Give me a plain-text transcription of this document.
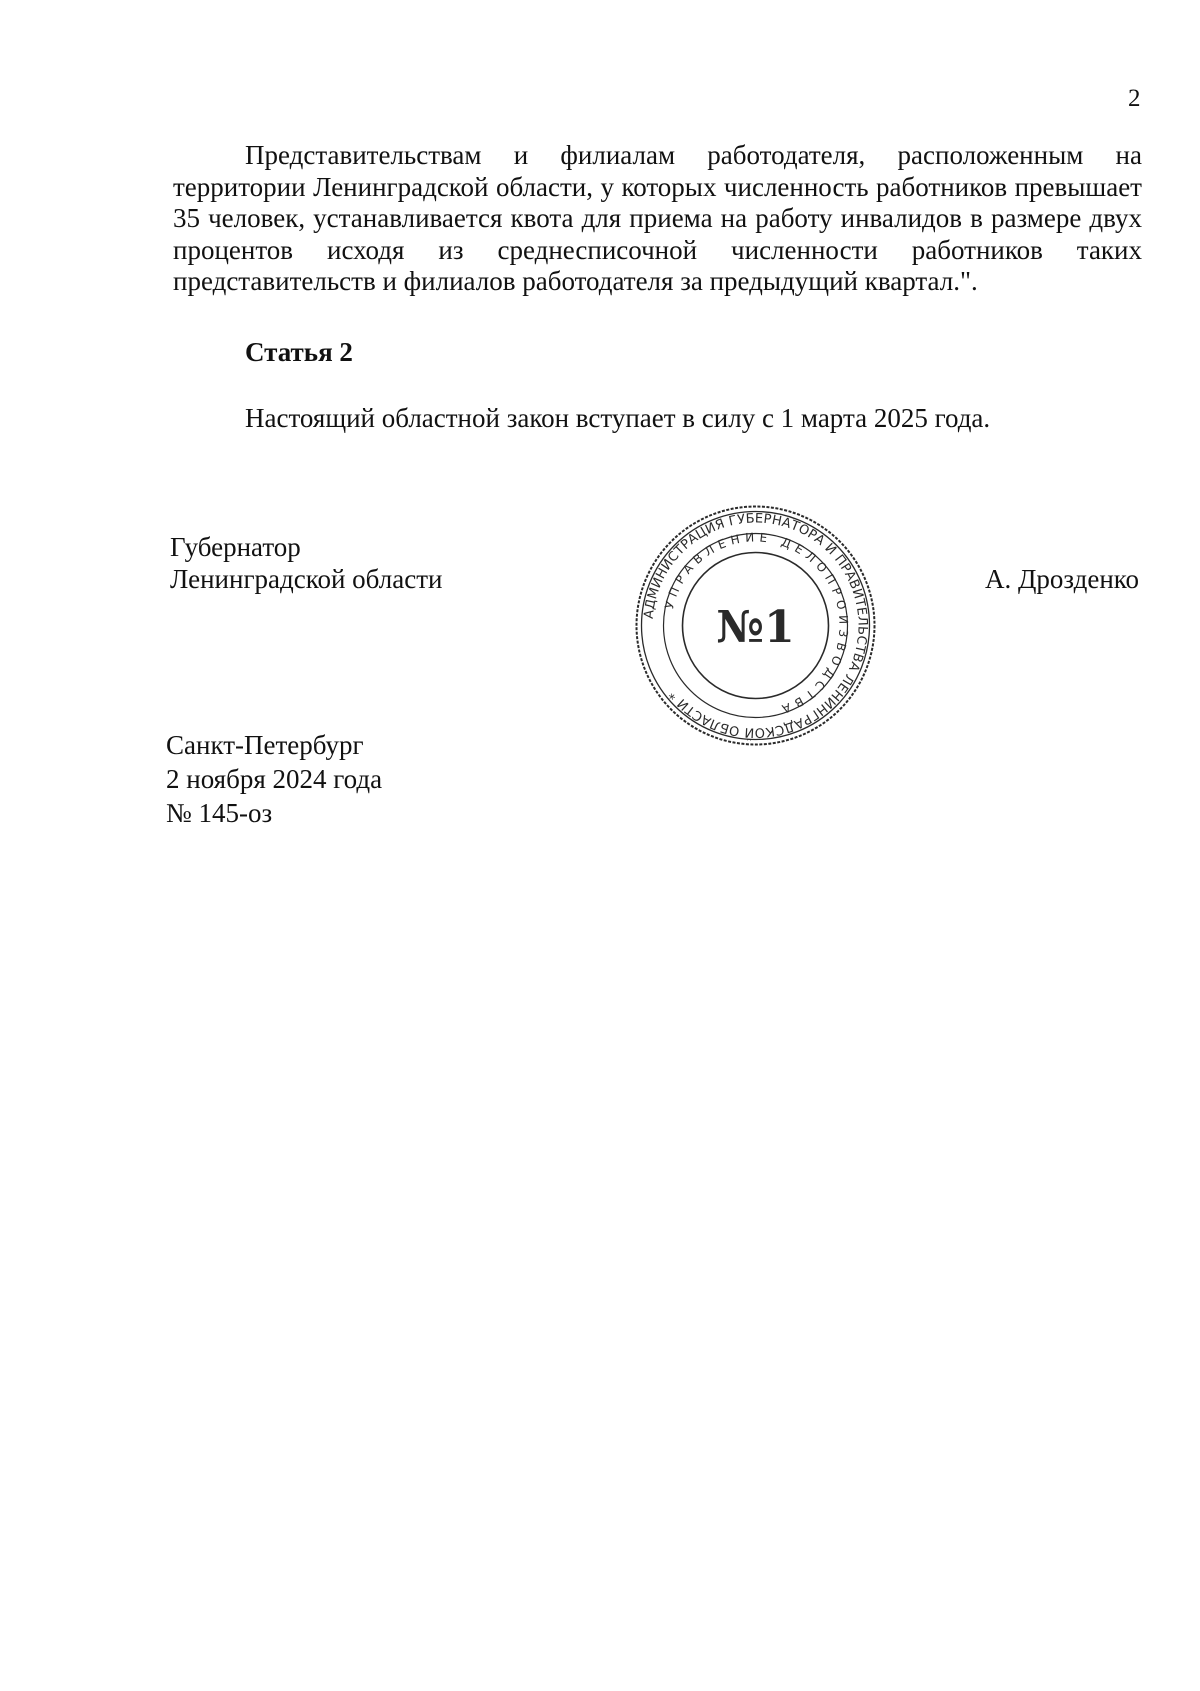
2

Представительствам и филиалам работодателя, расположенным на территории Ленинградской области, у которых численность работников превышает 35 человек, устанавливается квота для приема на работу инвалидов в размере двух процентов исходя из среднесписочной численности работников таких представительств и филиалов работодателя за предыдущий квартал.".

Статья 2

Настоящий областной закон вступает в силу с 1 марта 2025 года.

Губернатор
Ленинградской области	А. Дрозденко
Санкт-Петербург
2 ноября 2024 года
№ 145-оз
АДМИНИСТРАЦИЯ ГУБЕРНАТОРА И ПРАВИТЕЛЬСТВА ЛЕНИНГРАДСКОЙ ОБЛАСТИ *
УПРАВЛЕНИЕ ДЕЛОПРОИЗВОДСТВА
№1
